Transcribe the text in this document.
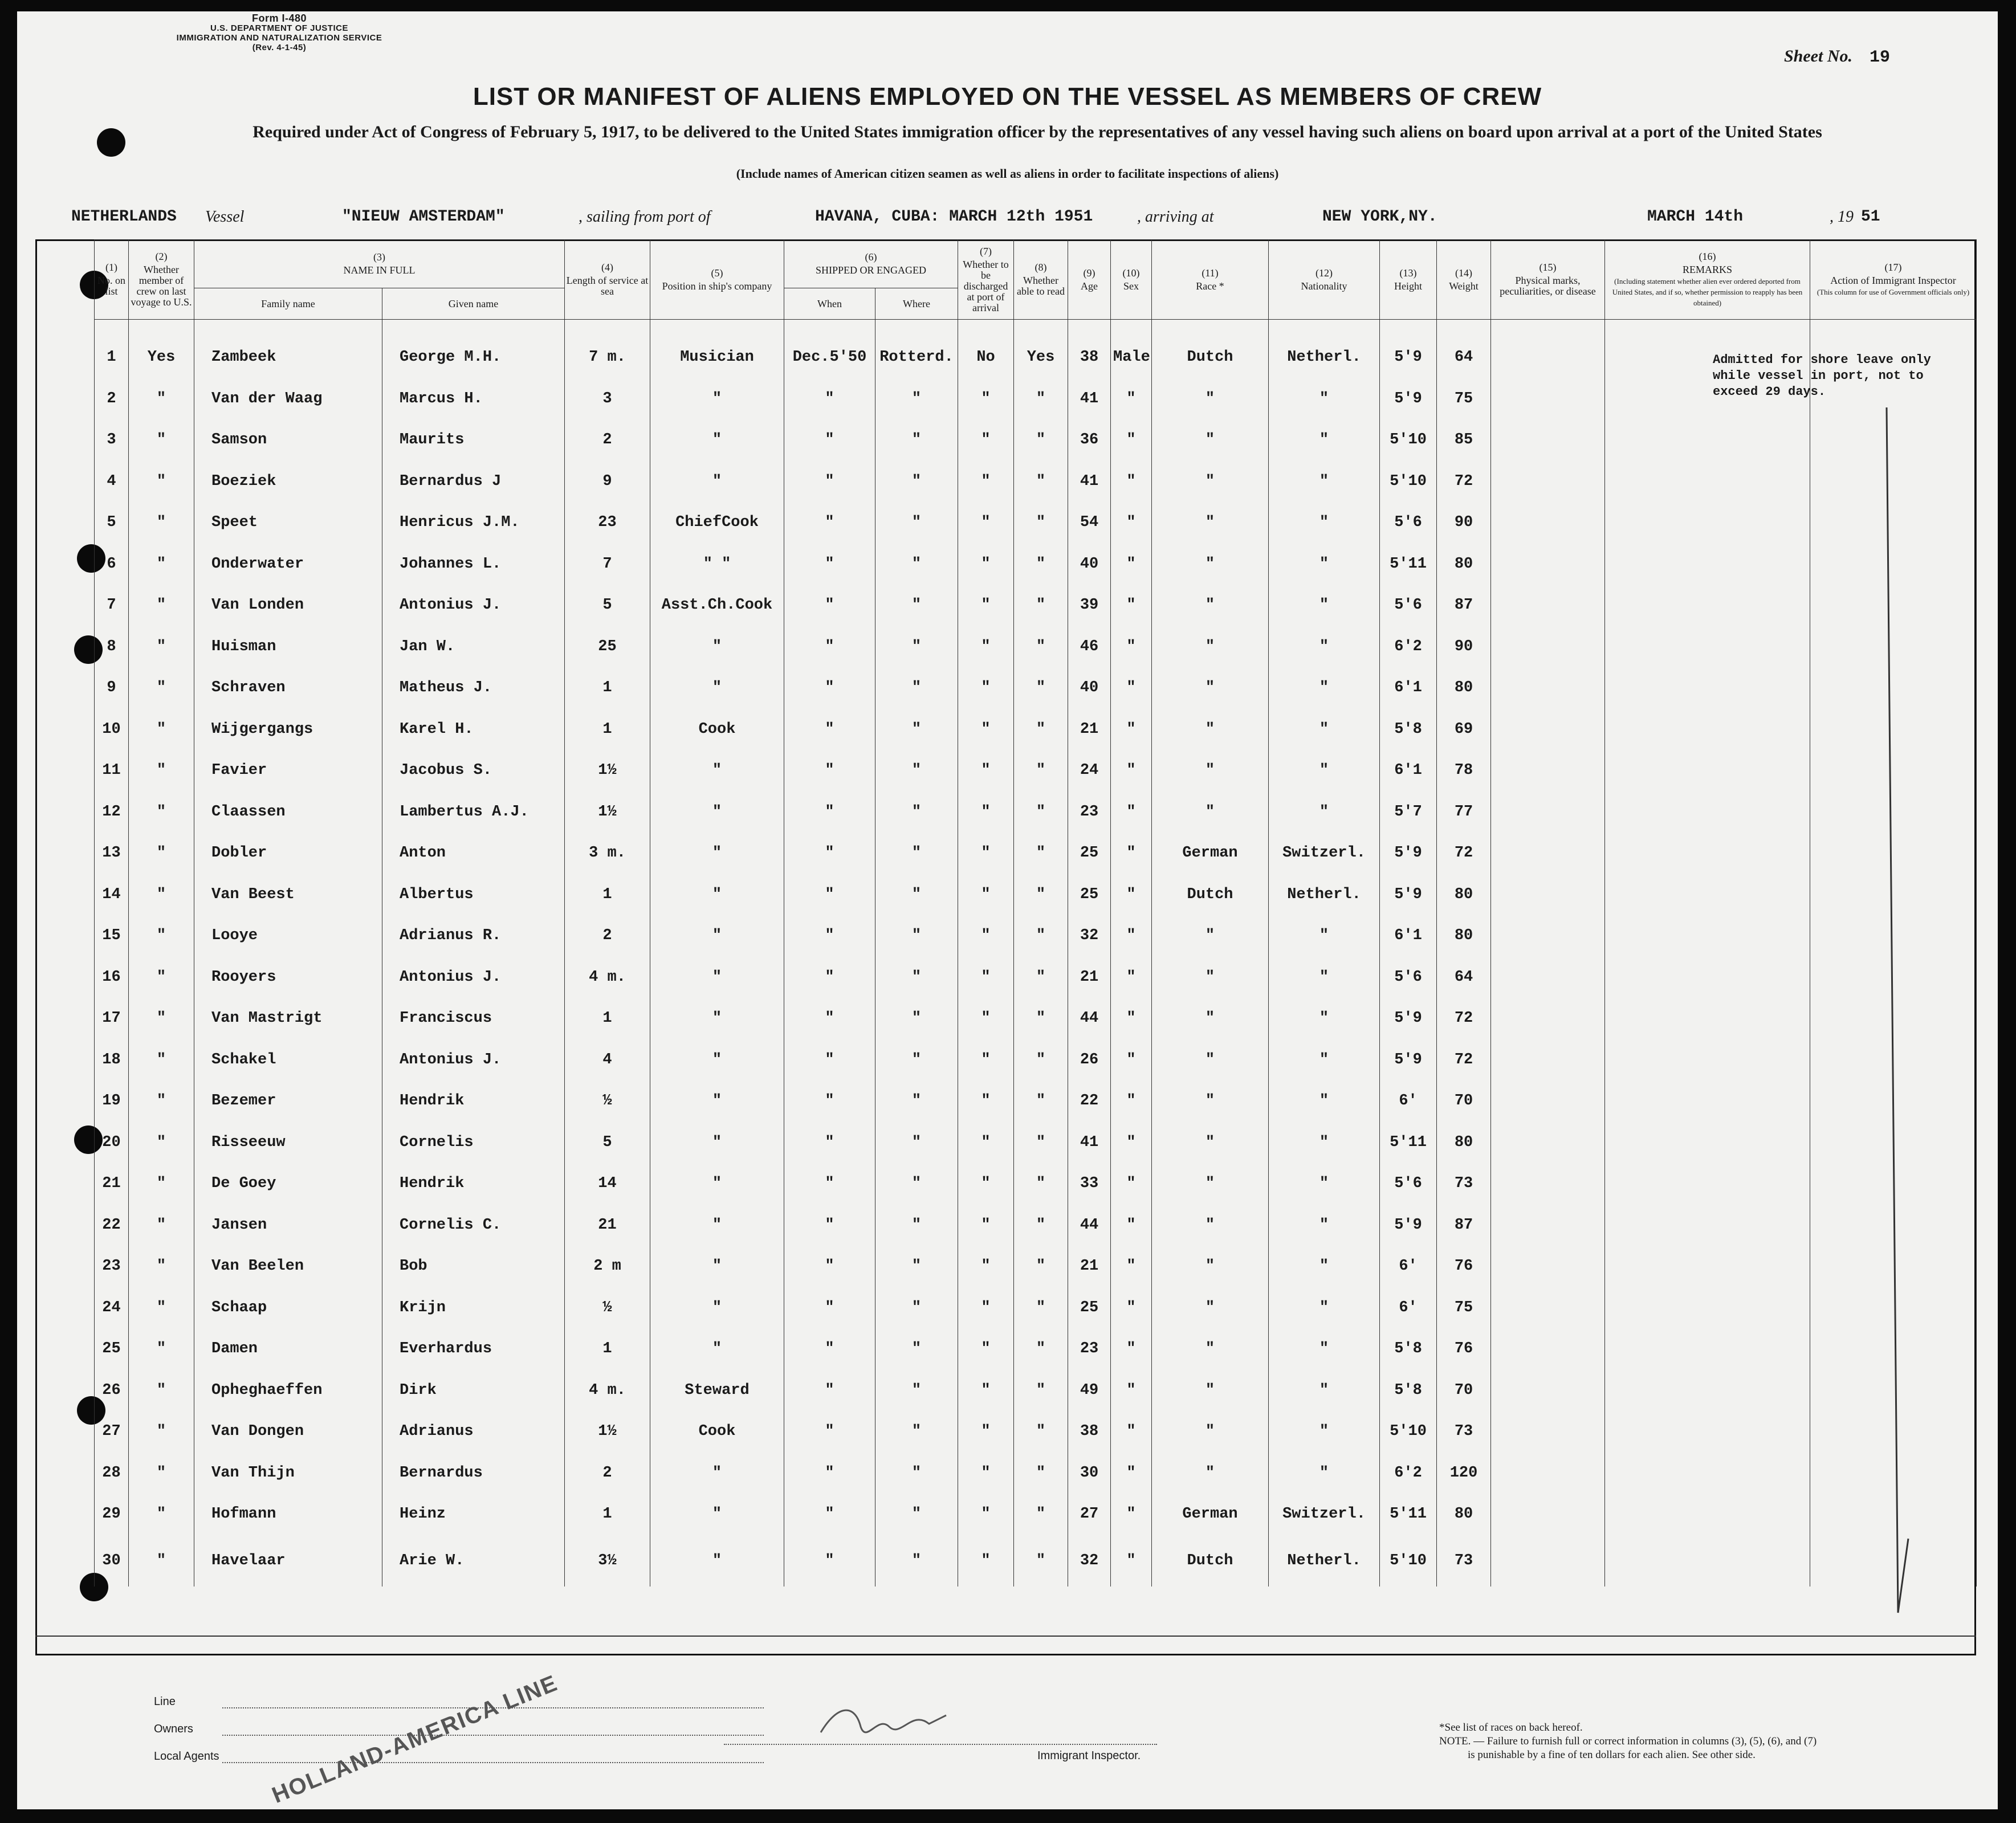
Form I-480
U.S. DEPARTMENT OF JUSTICE
IMMIGRATION AND NATURALIZATION SERVICE
(Rev. 4-1-45)	Sheet No. 19
LIST OR MANIFEST OF ALIENS EMPLOYED ON THE VESSEL AS MEMBERS OF CREW
Required under Act of Congress of February 5, 1917, to be delivered to the United States immigration officer by the representatives of any vessel having such aliens on board upon arrival at a port of the United States
(Include names of American citizen seamen as well as aliens in order to facilitate inspections of aliens)
NETHERLANDS Vessel	"NIEUW AMSTERDAM"	, sailing from port of	HAVANA, CUBA: MARCH 12th 1951	, arriving at	NEW YORK,NY.	MARCH 14th	, 19 51
(1)
No. on list	(2)
Whether member of crew on last voyage to U.S.	(3)
NAME IN FULL		(4)
Length of service at sea	(5)
Position in ship's company	(6)
SHIPPED OR ENGAGED		(7)
Whether to be discharged at port of arrival	(8)
Whether able to read	(9)
Age	(10)
Sex	(11)
Race *	(12)
Nationality	(13)
Height	(14)
Weight	(15)
Physical marks, peculiarities, or disease	(16)
REMARKS
(Including statement whether alien ever ordered deported from United States, and if so, whether permission to reapply has been obtained)	(17)
Action of Immigrant Inspector
(This column for use of Government officials only)
		Family name	Given name			When	Where											
1	Yes	Zambeek	George M.H.	7 m.	Musician	Dec.5'50	Rotterd.	No	Yes	38	Male	Dutch	Netherl.	5'9	64			
2	"	Van der Waag	Marcus H.	3	"	"	"	"	"	41	"	"	"	5'9	75			
3	"	Samson	Maurits	2	"	"	"	"	"	36	"	"	"	5'10	85			
4	"	Boeziek	Bernardus J	9	"	"	"	"	"	41	"	"	"	5'10	72			
5	"	Speet	Henricus J.M.	23	ChiefCook	"	"	"	"	54	"	"	"	5'6	90			
6	"	Onderwater	Johannes L.	7	" "	"	"	"	"	40	"	"	"	5'11	80			
7	"	Van Londen	Antonius J.	5	Asst.Ch.Cook	"	"	"	"	39	"	"	"	5'6	87			
8	"	Huisman	Jan W.	25	"	"	"	"	"	46	"	"	"	6'2	90			
9	"	Schraven	Matheus J.	1	"	"	"	"	"	40	"	"	"	6'1	80			
10	"	Wijgergangs	Karel H.	1	Cook	"	"	"	"	21	"	"	"	5'8	69			
11	"	Favier	Jacobus S.	1½	"	"	"	"	"	24	"	"	"	6'1	78			
12	"	Claassen	Lambertus A.J.	1½	"	"	"	"	"	23	"	"	"	5'7	77			
13	"	Dobler	Anton	3 m.	"	"	"	"	"	25	"	German	Switzerl.	5'9	72			
14	"	Van Beest	Albertus	1	"	"	"	"	"	25	"	Dutch	Netherl.	5'9	80			
15	"	Looye	Adrianus R.	2	"	"	"	"	"	32	"	"	"	6'1	80			
16	"	Rooyers	Antonius J.	4 m.	"	"	"	"	"	21	"	"	"	5'6	64			
17	"	Van Mastrigt	Franciscus	1	"	"	"	"	"	44	"	"	"	5'9	72			
18	"	Schakel	Antonius J.	4	"	"	"	"	"	26	"	"	"	5'9	72			
19	"	Bezemer	Hendrik	½	"	"	"	"	"	22	"	"	"	6'	70			
20	"	Risseeuw	Cornelis	5	"	"	"	"	"	41	"	"	"	5'11	80			
21	"	De Goey	Hendrik	14	"	"	"	"	"	33	"	"	"	5'6	73			
22	"	Jansen	Cornelis C.	21	"	"	"	"	"	44	"	"	"	5'9	87			
23	"	Van Beelen	Bob	2 m	"	"	"	"	"	21	"	"	"	6'	76			
24	"	Schaap	Krijn	½	"	"	"	"	"	25	"	"	"	6'	75			
25	"	Damen	Everhardus	1	"	"	"	"	"	23	"	"	"	5'8	76			
26	"	Opheghaeffen	Dirk	4 m.	Steward	"	"	"	"	49	"	"	"	5'8	70			
27	"	Van Dongen	Adrianus	1½	Cook	"	"	"	"	38	"	"	"	5'10	73			
28	"	Van Thijn	Bernardus	2	"	"	"	"	"	30	"	"	"	6'2	120			
29	"	Hofmann	Heinz	1	"	"	"	"	"	27	"	German	Switzerl.	5'11	80			
30	"	Havelaar	Arie W.	3½	"	"	"	"	"	32	"	Dutch	Netherl.	5'10	73			
Admitted for shore leave only
while vessel in port, not to
exceed 29 days.
Line
Owners
Local Agents HOLLAND-AMERICA LINE	Immigrant Inspector.
*See list of races on back hereof.
NOTE. — Failure to furnish full or correct information in columns (3), (5), (6), and (7)
is punishable by a fine of ten dollars for each alien. See other side.
